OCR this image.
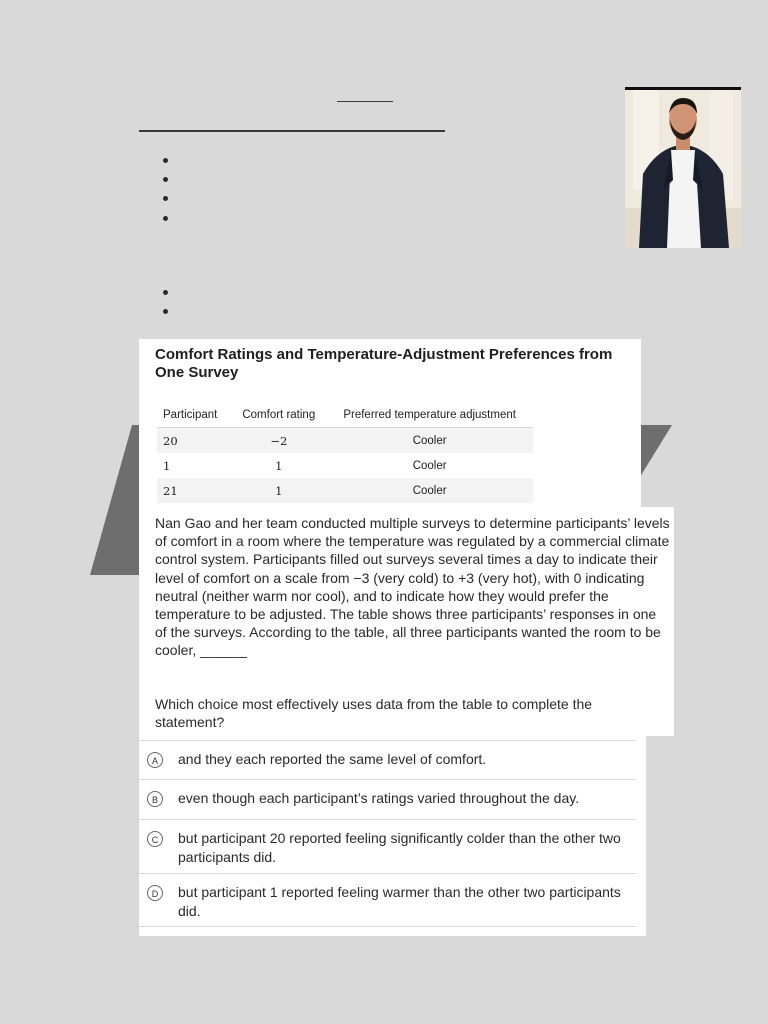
Comfort Ratings and Temperature-Adjustment Preferences from One Survey
Participant	Comfort rating	Preferred temperature adjustment
20	−2	Cooler
1	1	Cooler
21	1	Cooler
Nan Gao and her team conducted multiple surveys to determine participants’ levels of comfort in a room where the temperature was regulated by a commercial climate control system. Participants filled out surveys several times a day to indicate their level of comfort on a scale from −3 (very cold) to +3 (very hot), with 0 indicating neutral (neither warm nor cool), and to indicate how they would prefer the temperature to be adjusted. The table shows three participants’ responses in one of the surveys. According to the table, all three participants wanted the room to be cooler, ______
Which choice most effectively uses data from the table to complete the statement?
A	and they each reported the same level of comfort.
B	even though each participant’s ratings varied throughout the day.
C	but participant 20 reported feeling significantly colder than the other two participants did.
D	but participant 1 reported feeling warmer than the other two participants did.
